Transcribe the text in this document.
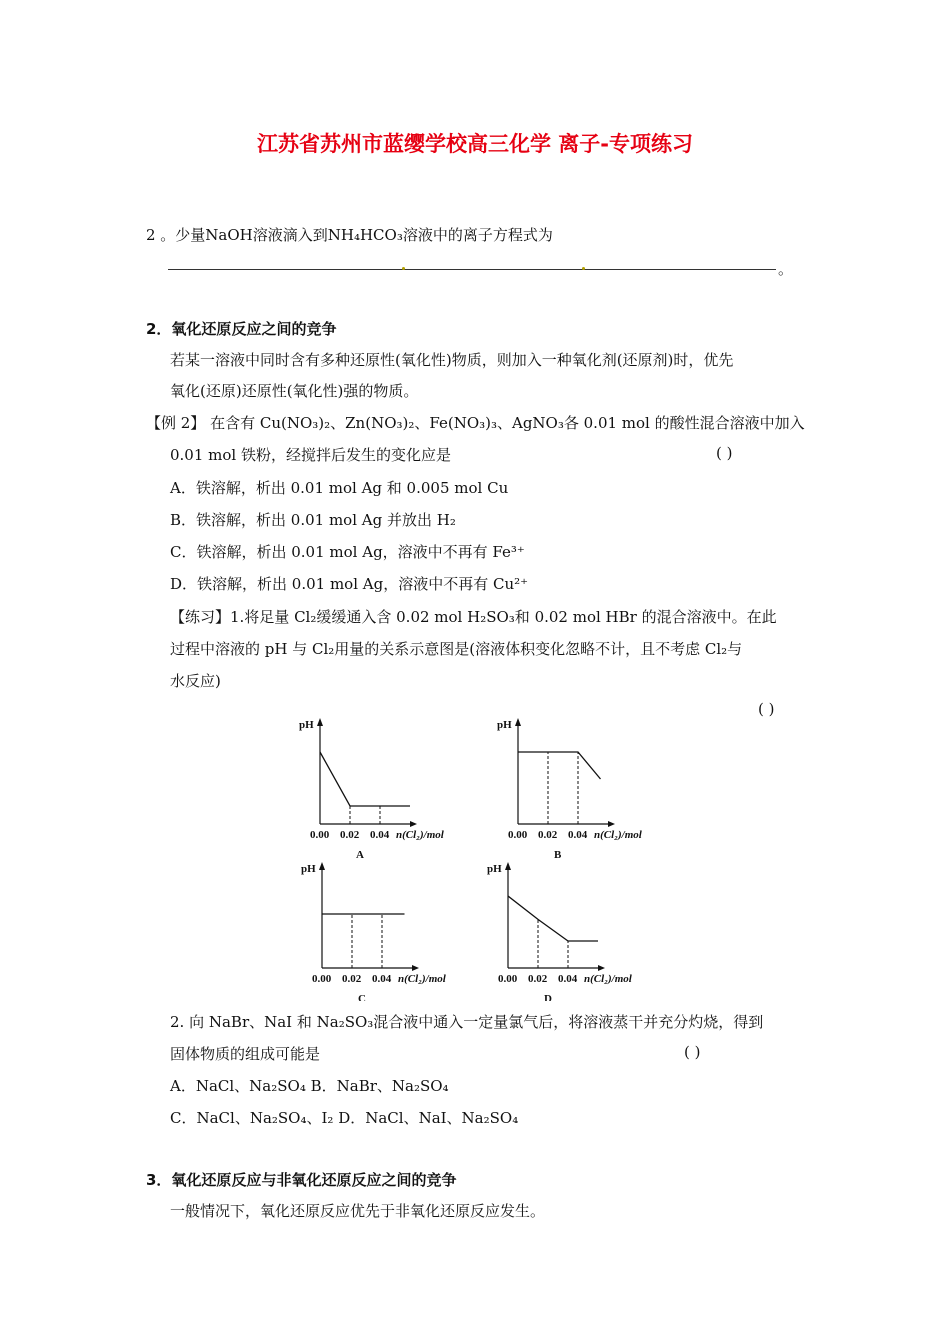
江苏省苏州市蓝缨学校高三化学 离子-专项练习
2 。少量NaOH溶液滴入到NH₄HCO₃溶液中的离子方程式为
。
2．氧化还原反应之间的竞争
若某一溶液中同时含有多种还原性(氧化性)物质，则加入一种氧化剂(还原剂)时，优先
氧化(还原)还原性(氧化性)强的物质。
【例 2】 在含有 Cu(NO₃)₂、Zn(NO₃)₂、Fe(NO₃)₃、AgNO₃各 0.01 mol 的酸性混合溶液中加入
0.01 mol 铁粉，经搅拌后发生的变化应是	( )
A．铁溶解，析出 0.01 mol Ag 和 0.005 mol Cu
B．铁溶解，析出 0.01 mol Ag 并放出 H₂
C．铁溶解，析出 0.01 mol Ag，溶液中不再有 Fe³⁺
D．铁溶解，析出 0.01 mol Ag，溶液中不再有 Cu²⁺
【练习】1.将足量 Cl₂缓缓通入含 0.02 mol H₂SO₃和 0.02 mol HBr 的混合溶液中。在此
过程中溶液的 pH 与 Cl₂用量的关系示意图是(溶液体积变化忽略不计，且不考虑 Cl₂与
水反应)
( )
pH
0.00 0.02 0.04 n(Cl₂)/mol
A
pH
0.00 0.02 0.04 n(Cl₂)/mol
B
pH
0.00 0.02 0.04 n(Cl₂)/mol
C
pH
0.00 0.02 0.04 n(Cl₂)/mol
D
2. 向 NaBr、NaI 和 Na₂SO₃混合液中通入一定量氯气后，将溶液蒸干并充分灼烧，得到
固体物质的组成可能是	( )
A．NaCl、Na₂SO₄ B．NaBr、Na₂SO₄
C．NaCl、Na₂SO₄、I₂ D．NaCl、NaI、Na₂SO₄
3．氧化还原反应与非氧化还原反应之间的竞争
一般情况下，氧化还原反应优先于非氧化还原反应发生。
